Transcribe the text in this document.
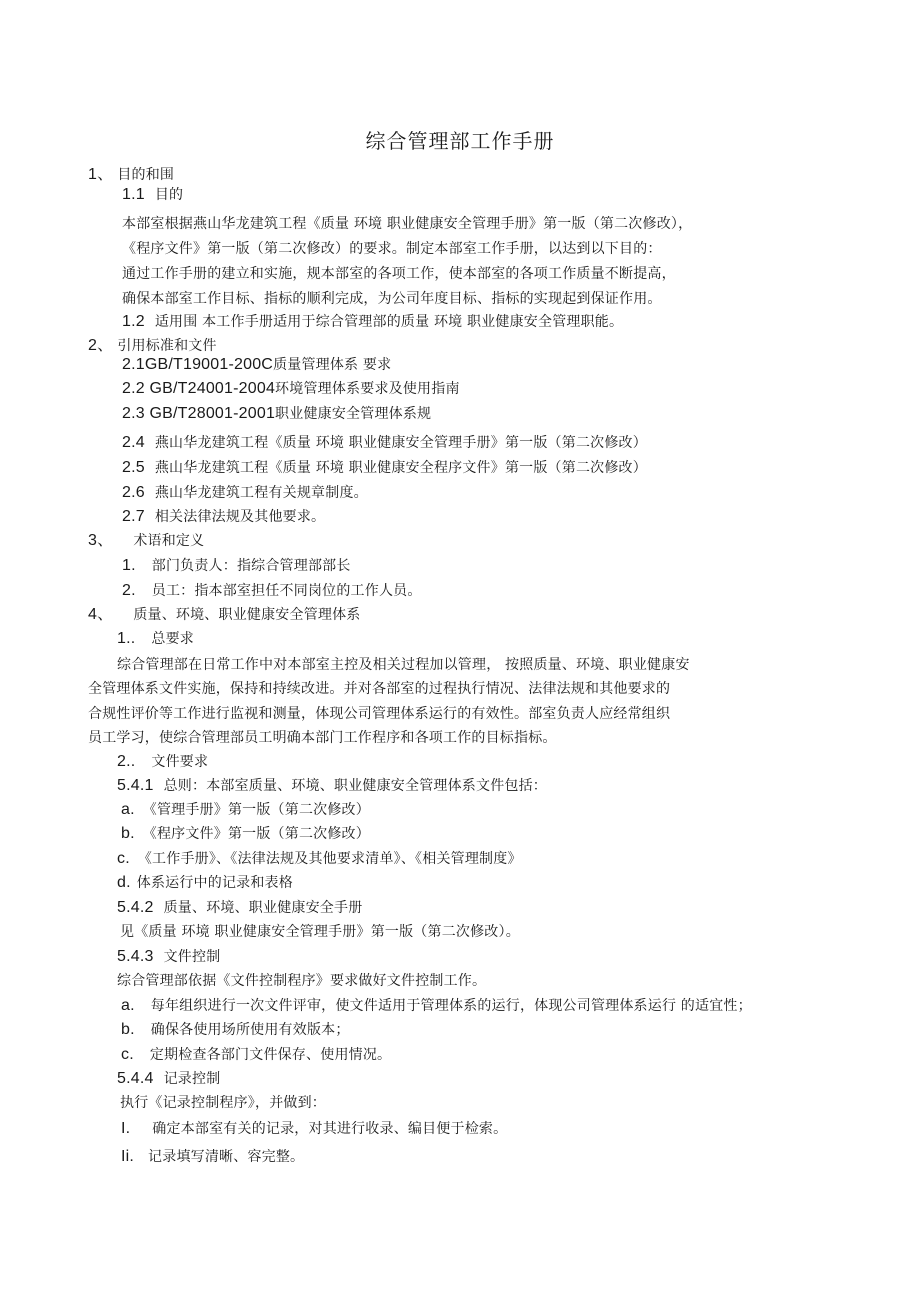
综合管理部工作手册
1、 目的和围
1.1 目的
本部室根据燕山华龙建筑工程《质量 环境 职业健康安全管理手册》第一版（第二次修改），
《程序文件》第一版（第二次修改）的要求。制定本部室工作手册，以达到以下目的：
通过工作手册的建立和实施，规本部室的各项工作，使本部室的各项工作质量不断提高，
确保本部室工作目标、指标的顺利完成，为公司年度目标、指标的实现起到保证作用。
1.2 适用围 本工作手册适用于综合管理部的质量 环境 职业健康安全管理职能。
2、 引用标准和文件
2.1GB/T19001-200C质量管理体系 要求
2.2 GB/T24001-2004环境管理体系要求及使用指南
2.3 GB/T28001-2001职业健康安全管理体系规
2.4 燕山华龙建筑工程《质量 环境 职业健康安全管理手册》第一版（第二次修改）
2.5 燕山华龙建筑工程《质量 环境 职业健康安全程序文件》第一版（第二次修改）
2.6 燕山华龙建筑工程有关规章制度。
2.7 相关法律法规及其他要求。
3、 术语和定义
1. 部门负责人：指综合管理部部长
2. 员工：指本部室担任不同岗位的工作人员。
4、 质量、环境、职业健康安全管理体系
1.. 总要求
综合管理部在日常工作中对本部室主控及相关过程加以管理， 按照质量、环境、职业健康安
全管理体系文件实施，保持和持续改进。并对各部室的过程执行情况、法律法规和其他要求的
合规性评价等工作进行监视和测量，体现公司管理体系运行的有效性。部室负责人应经常组织
员工学习，使综合管理部员工明确本部门工作程序和各项工作的目标指标。
2.. 文件要求
5.4.1 总则：本部室质量、环境、职业健康安全管理体系文件包括：
a. 《管理手册》第一版（第二次修改）
b. 《程序文件》第一版（第二次修改）
c. 《工作手册》、《法律法规及其他要求清单》、《相关管理制度》
d. 体系运行中的记录和表格
5.4.2 质量、环境、职业健康安全手册
见《质量 环境 职业健康安全管理手册》第一版（第二次修改）。
5.4.3 文件控制
综合管理部依据《文件控制程序》要求做好文件控制工作。
a. 每年组织进行一次文件评审，使文件适用于管理体系的运行，体现公司管理体系运行 的适宜性；
b. 确保各使用场所使用有效版本；
c. 定期检查各部门文件保存、使用情况。
5.4.4 记录控制
执行《记录控制程序》，并做到：
I. 确定本部室有关的记录，对其进行收录、编目便于检索。
Ii. 记录填写清晰、容完整。
